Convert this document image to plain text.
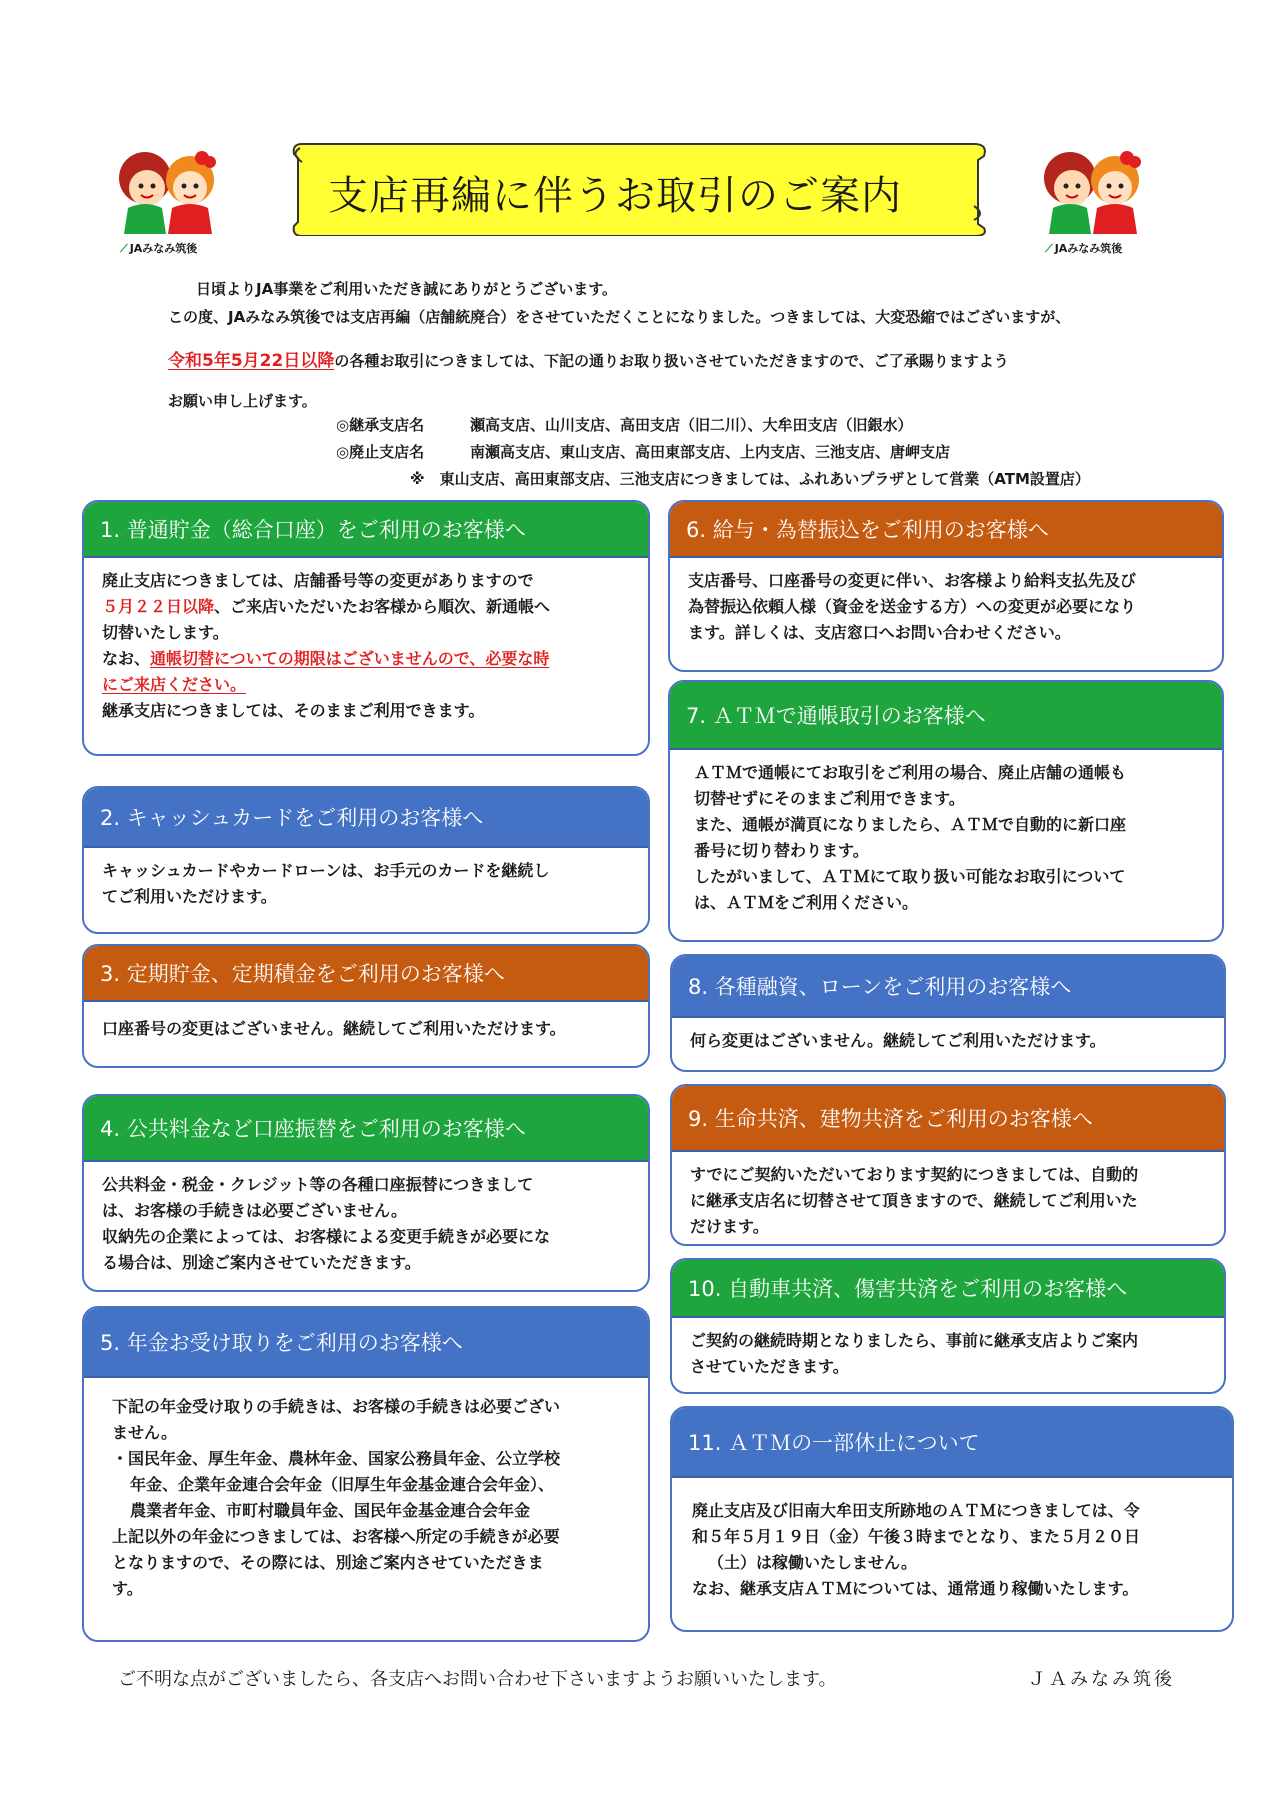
⟋ JAみなみ筑後	⟋ JAみなみ筑後
支店再編に伴うお取引のご案内
日頃よりJA事業をご利用いただき誠にありがとうございます。
この度、JAみなみ筑後では支店再編（店舗統廃合）をさせていただくことになりました。つきましては、大変恐縮ではございますが、
令和5年5月22日以降の各種お取引につきましては、下記の通りお取り扱いさせていただきますので、ご了承賜りますよう
お願い申し上げます。
◎継承支店名	瀬高支店、山川支店、高田支店（旧二川）、大牟田支店（旧銀水）
◎廃止支店名	南瀬高支店、東山支店、高田東部支店、上内支店、三池支店、唐岬支店
※　東山支店、高田東部支店、三池支店につきましては、ふれあいプラザとして営業（ATM設置店）
1. 普通貯金（総合口座）をご利用のお客様へ

廃止支店につきましては、店舗番号等の変更がありますので

５月２２日以降、ご来店いただいたお客様から順次、新通帳へ

切替いたします。

なお、通帳切替についての期限はございませんので、必要な時

にご来店ください。

継承支店につきましては、そのままご利用できます。

2. キャッシュカードをご利用のお客様へ

キャッシュカードやカードローンは、お手元のカードを継続し

てご利用いただけます。

3. 定期貯金、定期積金をご利用のお客様へ

口座番号の変更はございません。継続してご利用いただけます。

4. 公共料金など口座振替をご利用のお客様へ

公共料金・税金・クレジット等の各種口座振替につきまして

は、お客様の手続きは必要ございません。

収納先の企業によっては、お客様による変更手続きが必要にな

る場合は、別途ご案内させていただきます。

5. 年金お受け取りをご利用のお客様へ

下記の年金受け取りの手続きは、お客様の手続きは必要ござい

ません。

・国民年金、厚生年金、農林年金、国家公務員年金、公立学校

年金、企業年金連合会年金（旧厚生年金基金連合会年金）、

農業者年金、市町村職員年金、国民年金基金連合会年金

上記以外の年金につきましては、お客様へ所定の手続きが必要

となりますので、その際には、別途ご案内させていただきま

す。

6. 給与・為替振込をご利用のお客様へ

支店番号、口座番号の変更に伴い、お客様より給料支払先及び

為替振込依頼人様（資金を送金する方）への変更が必要になり

ます。詳しくは、支店窓口へお問い合わせください。

7. ＡＴＭで通帳取引のお客様へ

ＡＴＭで通帳にてお取引をご利用の場合、廃止店舗の通帳も

切替せずにそのままご利用できます。

また、通帳が満頁になりましたら、ＡＴＭで自動的に新口座

番号に切り替わります。

したがいまして、ＡＴＭにて取り扱い可能なお取引について

は、ＡＴＭをご利用ください。

8. 各種融資、ローンをご利用のお客様へ

何ら変更はございません。継続してご利用いただけます。

9. 生命共済、建物共済をご利用のお客様へ

すでにご契約いただいております契約につきましては、自動的

に継承支店名に切替させて頂きますので、継続してご利用いた

だけます。

10. 自動車共済、傷害共済をご利用のお客様へ

ご契約の継続時期となりましたら、事前に継承支店よりご案内

させていただきます。

11. ＡＴＭの一部休止について

廃止支店及び旧南大牟田支所跡地のＡＴＭにつきましては、令

和５年５月１９日（金）午後３時までとなり、また５月２０日

（土）は稼働いたしません。

なお、継承支店ＡＴＭについては、通常通り稼働いたします。

ご不明な点がございましたら、各支店へお問い合わせ下さいますようお願いいたします。	ＪＡみなみ筑後
